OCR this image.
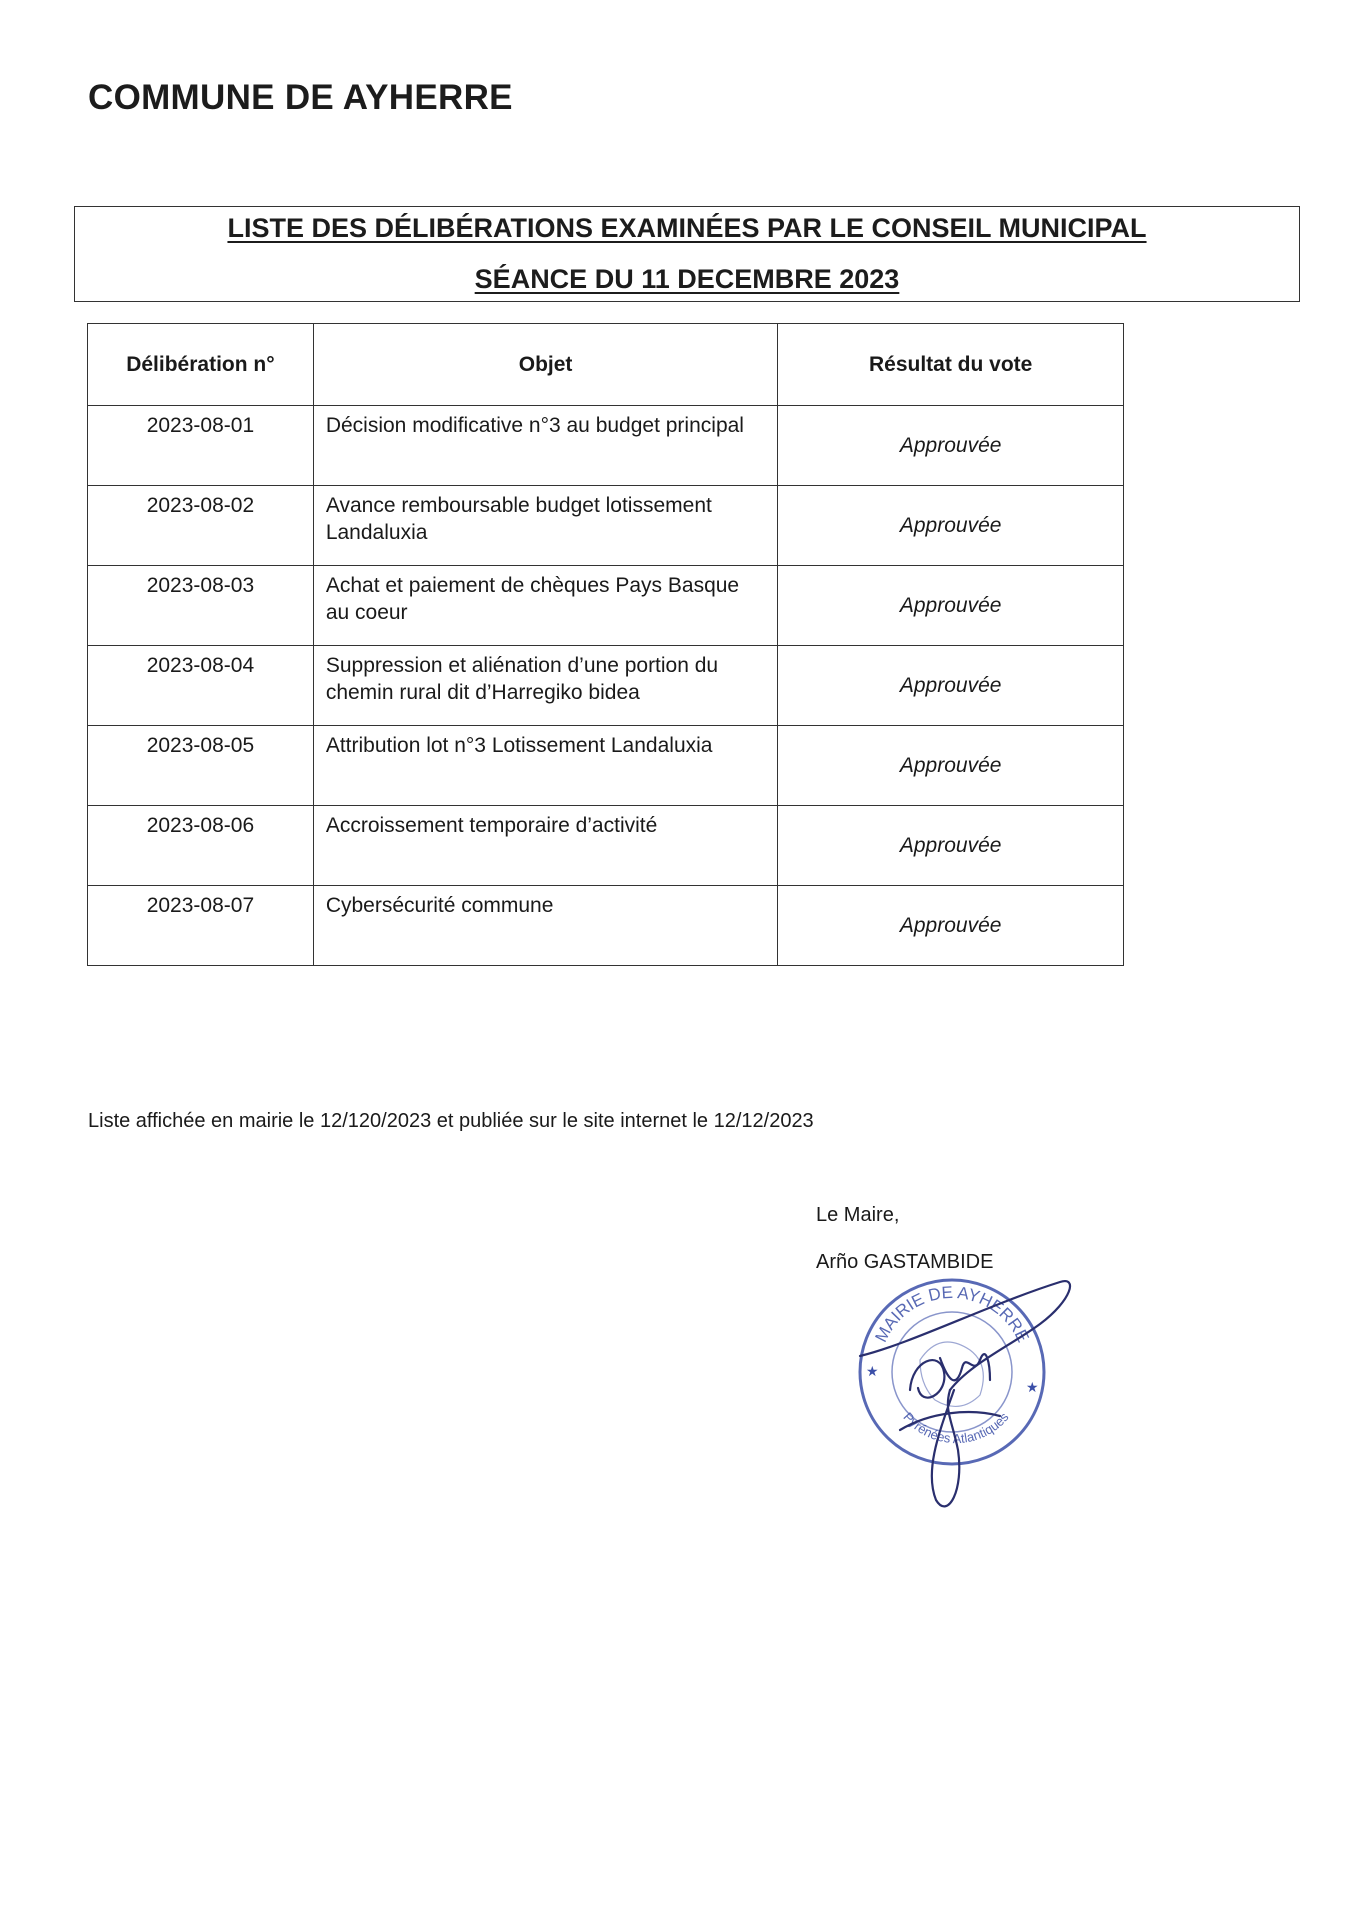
COMMUNE DE AYHERRE
LISTE DES DÉLIBÉRATIONS EXAMINÉES PAR LE CONSEIL MUNICIPAL
SÉANCE DU 11 DECEMBRE 2023
Délibération n°	Objet	Résultat du vote
2023-08-01	Décision modificative n°3 au budget principal	Approuvée
2023-08-02	Avance remboursable budget lotissement Landaluxia	Approuvée
2023-08-03	Achat et paiement de chèques Pays Basque au coeur	Approuvée
2023-08-04	Suppression et aliénation d’une portion du chemin rural dit d’Harregiko bidea	Approuvée
2023-08-05	Attribution lot n°3 Lotissement Landaluxia	Approuvée
2023-08-06	Accroissement temporaire d’activité	Approuvée
2023-08-07	Cybersécurité commune	Approuvée
Liste affichée en mairie le 12/120/2023 et publiée sur le site internet le 12/12/2023
Le Maire,
Arño GASTAMBIDE
MAIRIE DE AYHERRE
Pyrénées Atlantiques
★
★
